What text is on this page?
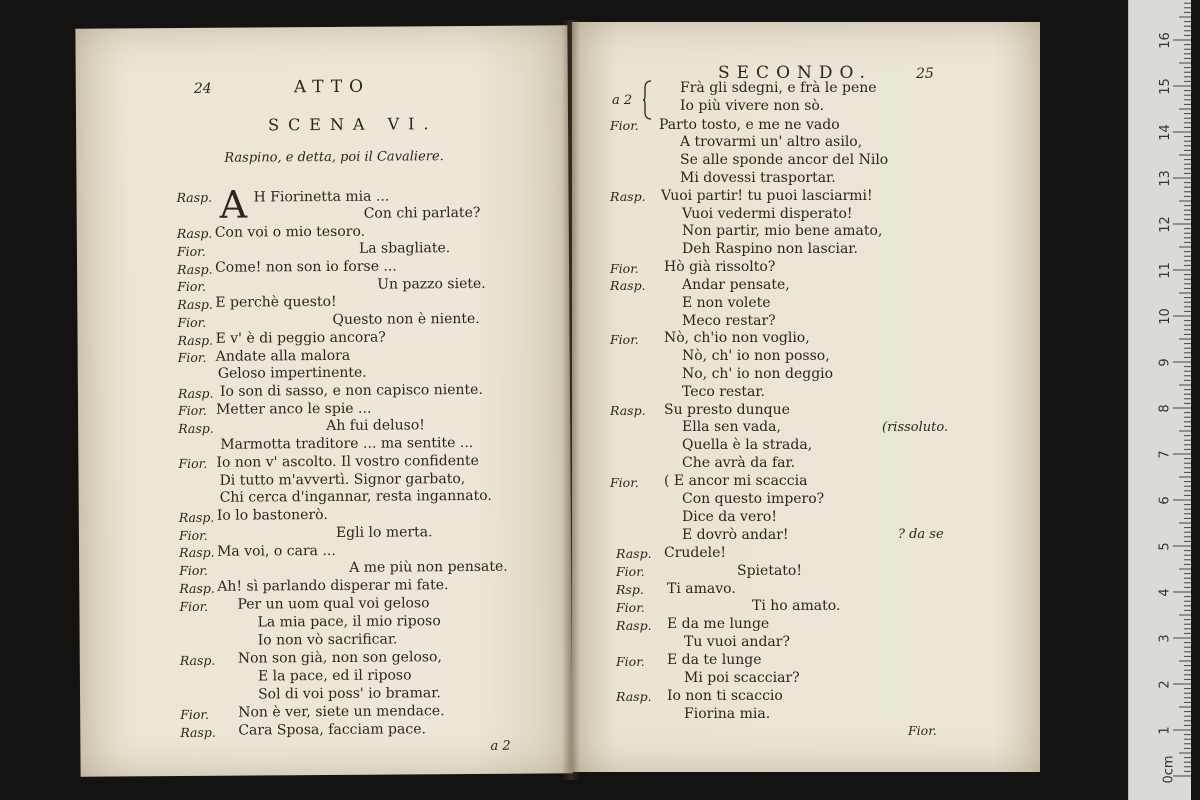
24	ATTO
SCENA VI.
Raspino, e detta, poi il Cavaliere.
A
Rasp.	H Fiorinetta mia ...
Con chi parlate?
Rasp. Con voi o mio tesoro.
Fior.	La sbagliate.
Rasp. Come! non son io forse ...
Fior.	Un pazzo siete.
Rasp. E perchè questo!
Fior.	Questo non è niente.
Rasp. E v' è di peggio ancora?
Fior. Andate alla malora
Geloso impertinente.
Rasp. Io son di sasso, e non capisco niente.
Fior. Metter anco le spie ...
Rasp.	Ah fui deluso!
Marmotta traditore ... ma sentite ...
Fior. Io non v' ascolto. Il vostro confidente
Di tutto m'avvertì. Signor garbato,
Chi cerca d'ingannar, resta ingannato.
Rasp. Io lo bastonerò.
Fior.	Egli lo merta.
Rasp. Ma voi, o cara ...
Fior.	A me più non pensate.
Rasp. Ah! sì parlando disperar mi fate.
Fior. Per un uom qual voi geloso
La mia pace, il mio riposo
Io non vò sacrificar.
Rasp. Non son già, non son geloso,
E la pace, ed il riposo
Sol di voi poss' io bramar.
Fior. Non è ver, siete un mendace.
Rasp. Cara Sposa, facciam pace.
a 2
SECONDO.	25
a 2
Frà gli sdegni, e frà le pene
Io più vivere non sò.
Fior. Parto tosto, e me ne vado
A trovarmi un' altro asilo,
Se alle sponde ancor del Nilo
Mi dovessi trasportar.
Rasp. Vuoi partir! tu puoi lasciarmi!
Vuoi vedermi disperato!
Non partir, mio bene amato,
Deh Raspino non lasciar.
Fior. Hò già rissolto?
Rasp.	Andar pensate,
E non volete
Meco restar?
Fior. Nò, ch'io non voglio,
Nò, ch' io non posso,
No, ch' io non deggio
Teco restar.
Rasp. Su presto dunque
Ella sen vada,
Quella è la strada,
Che avrà da far.
(rissoluto.
Fior. ( E ancor mi scaccia
Con questo impero?
Dice da vero!
E dovrò andar!	? da se
Rasp. Crudele!
Fior.	Spietato!
Rsp. Ti amavo.
Fior.	Ti ho amato.
Rasp. E da me lunge
Tu vuoi andar?
Fior. E da te lunge
Mi poi scacciar?
Rasp. Io non ti scaccio
Fiorina mia.
Fior.
0cm
1
2
3
4
5
6
7
8
9
10
11
12
13
14
15
16
